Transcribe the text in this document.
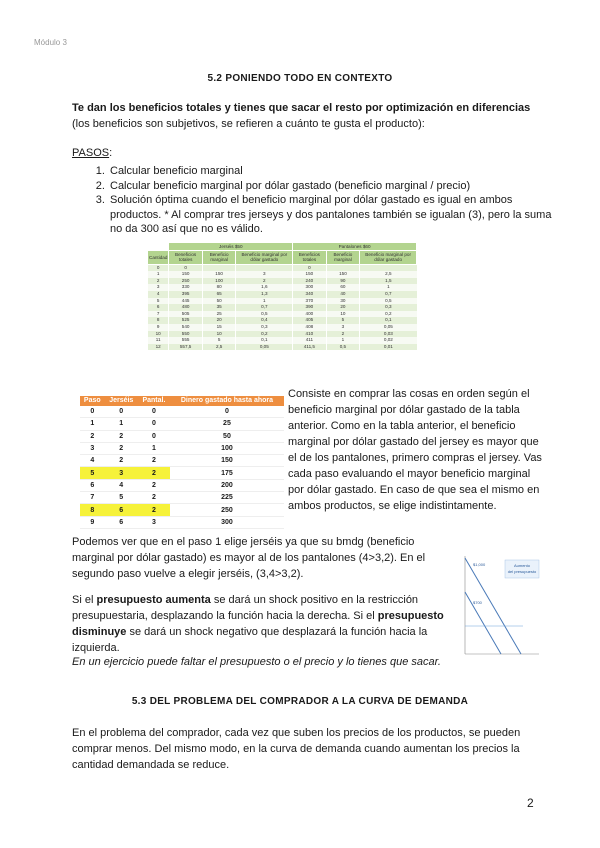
Módulo 3
5.2 PONIENDO TODO EN CONTEXTO
Te dan los beneficios totales y tienes que sacar el resto por optimización en diferencias (los beneficios son subjetivos, se refieren a cuánto te gusta el producto):
PASOS:
1. Calcular beneficio marginal
2. Calcular beneficio marginal por dólar gastado (beneficio marginal / precio)
3. Solución óptima cuando el beneficio marginal por dólar gastado es igual en ambos productos. * Al comprar tres jerseys y dos pantalones también se igualan (3), pero la suma no da 300 así que no es válido.
	Jerséis $50			Pantalones $60		
Cantidad	Beneficios totales	Beneficio marginal	Beneficio marginal por dólar gastado	Beneficios totales	Beneficio marginal	Beneficio marginal por dólar gastado
0	0			0		
1	150	150	3	150	150	2,5
2	250	100	2	240	90	1,5
3	330	80	1,6	300	60	1
4	395	65	1,3	340	40	0,7
5	445	50	1	370	30	0,5
6	480	35	0,7	390	20	0,3
7	505	25	0,5	400	10	0,2
8	525	20	0,4	405	5	0,1
9	540	15	0,3	408	3	0,05
10	550	10	0,2	410	2	0,03
11	555	5	0,1	411	1	0,02
12	557,5	2,5	0,05	411,5	0,5	0,01
Paso	Jerséis	Pantal.	Dinero gastado hasta ahora
0	0	0	0
1	1	0	25
2	2	0	50
3	2	1	100
4	2	2	150
5	3	2	175
6	4	2	200
7	5	2	225
8	6	2	250
9	6	3	300
Consiste en comprar las cosas en orden según el beneficio marginal por dólar gastado de la tabla anterior. Como en la tabla anterior, el beneficio marginal por dólar gastado del jersey es mayor que el de los pantalones, primero compras el jersey. Vas cada paso evaluando el mayor beneficio marginal por dólar gastado. En caso de que sea el mismo en ambos productos, se elige indistintamente.
Podemos ver que en el paso 1 elige jerséis ya que su bmdg (beneficio marginal por dólar gastado) es mayor al de los pantalones (4>3,2). En el segundo paso vuelve a elegir jerséis, (3,4>3,2).
Si el presupuesto aumenta se dará un shock positivo en la restricción presupuestaria, desplazando la función hacia la derecha. Si el presupuesto disminuye se dará un shock negativo que desplazará la función hacia la izquierda.
En un ejercicio puede faltar el presupuesto o el precio y lo tienes que sacar.
Aumento
del presupuesto
$1,000
$700
5.3 DEL PROBLEMA DEL COMPRADOR A LA CURVA DE DEMANDA
En el problema del comprador, cada vez que suben los precios de los productos, se pueden comprar menos. Del mismo modo, en la curva de demanda cuando aumentan los precios la cantidad demandada se reduce.
2
